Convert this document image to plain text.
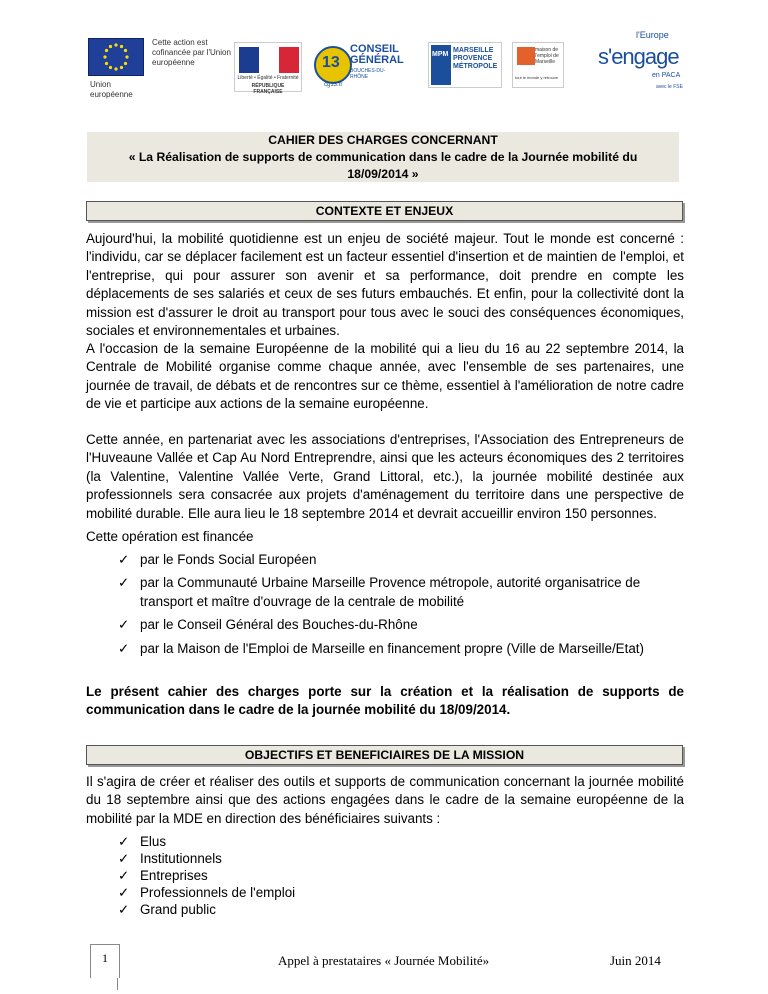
Union européenne
Cette action est cofinancée par l'Union européenne
Liberté • Égalité • Fraternité
RÉPUBLIQUE FRANÇAISE
13
CONSEIL
GÉNÉRAL
BOUCHES-DU-RHÔNE
cg13.fr
MPM
MARSEILLE PROVENCE MÉTROPOLE
maison de l'emploi de Marseille
tout le monde y retrouve
l'Europe
s'engage
en PACA
avec le FSE
CAHIER DES CHARGES CONCERNANT
« La Réalisation de supports de communication dans le cadre de la Journée mobilité du
18/09/2014 »
CONTEXTE ET ENJEUX

Aujourd'hui, la mobilité quotidienne est un enjeu de société majeur. Tout le monde est concerné : l'individu, car se déplacer facilement est un facteur essentiel d'insertion et de maintien de l'emploi, et l'entreprise, qui pour assurer son avenir et sa performance, doit prendre en compte les déplacements de ses salariés et ceux de ses futurs embauchés. Et enfin, pour la collectivité dont la mission est d'assurer le droit au transport pour tous avec le souci des conséquences économiques, sociales et environnementales et urbaines.

A l'occasion de la semaine Européenne de la mobilité qui a lieu du 16 au 22 septembre 2014, la Centrale de Mobilité organise comme chaque année, avec l'ensemble de ses partenaires, une journée de travail, de débats et de rencontres sur ce thème, essentiel à l'amélioration de notre cadre de vie et participe aux actions de la semaine européenne.

Cette année, en partenariat avec les associations d'entreprises, l'Association des Entrepreneurs de l'Huveaune Vallée et Cap Au Nord Entreprendre, ainsi que les acteurs économiques des 2 territoires (la Valentine, Valentine Vallée Verte, Grand Littoral, etc.), la journée mobilité destinée aux professionnels sera consacrée aux projets d'aménagement du territoire dans une perspective de mobilité durable. Elle aura lieu le 18 septembre 2014 et devrait accueillir environ 150 personnes.

Cette opération est financée

✓ par le Fonds Social Européen
✓ par la Communauté Urbaine Marseille Provence métropole, autorité organisatrice de transport et maître d'ouvrage de la centrale de mobilité
✓ par le Conseil Général des Bouches-du-Rhône
✓ par la Maison de l'Emploi de Marseille en financement propre (Ville de Marseille/Etat)

Le présent cahier des charges porte sur la création et la réalisation de supports de communication dans le cadre de la journée mobilité du 18/09/2014.

OBJECTIFS ET BENEFICIAIRES DE LA MISSION

Il s'agira de créer et réaliser des outils et supports de communication concernant la journée mobilité du 18 septembre ainsi que des actions engagées dans le cadre de la semaine européenne de la mobilité par la MDE en direction des bénéficiaires suivants :

✓ Elus
✓ Institutionnels
✓ Entreprises
✓ Professionnels de l'emploi
✓ Grand public
1	Appel à prestataires « Journée Mobilité»	Juin 2014
